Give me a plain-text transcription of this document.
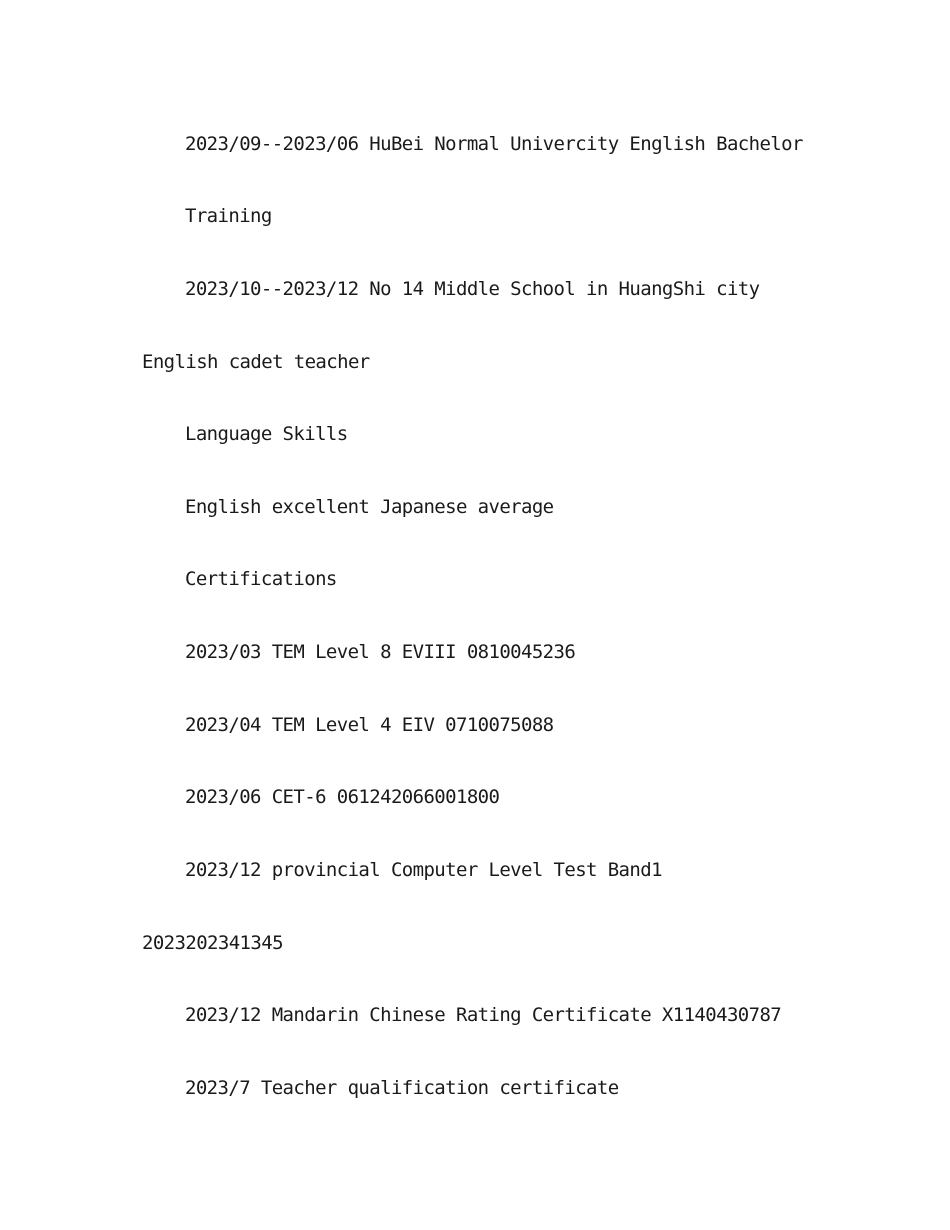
2023/09--2023/06 HuBei Normal Univercity English Bachelor
Training
2023/10--2023/12 No 14 Middle School in HuangShi city
English cadet teacher
Language Skills
English excellent Japanese average
Certifications
2023/03 TEM Level 8 EVIII 0810045236
2023/04 TEM Level 4 EIV 0710075088
2023/06 CET-6 061242066001800
2023/12 provincial Computer Level Test Band1
2023202341345
2023/12 Mandarin Chinese Rating Certificate X1140430787
2023/7 Teacher qualification certificate
